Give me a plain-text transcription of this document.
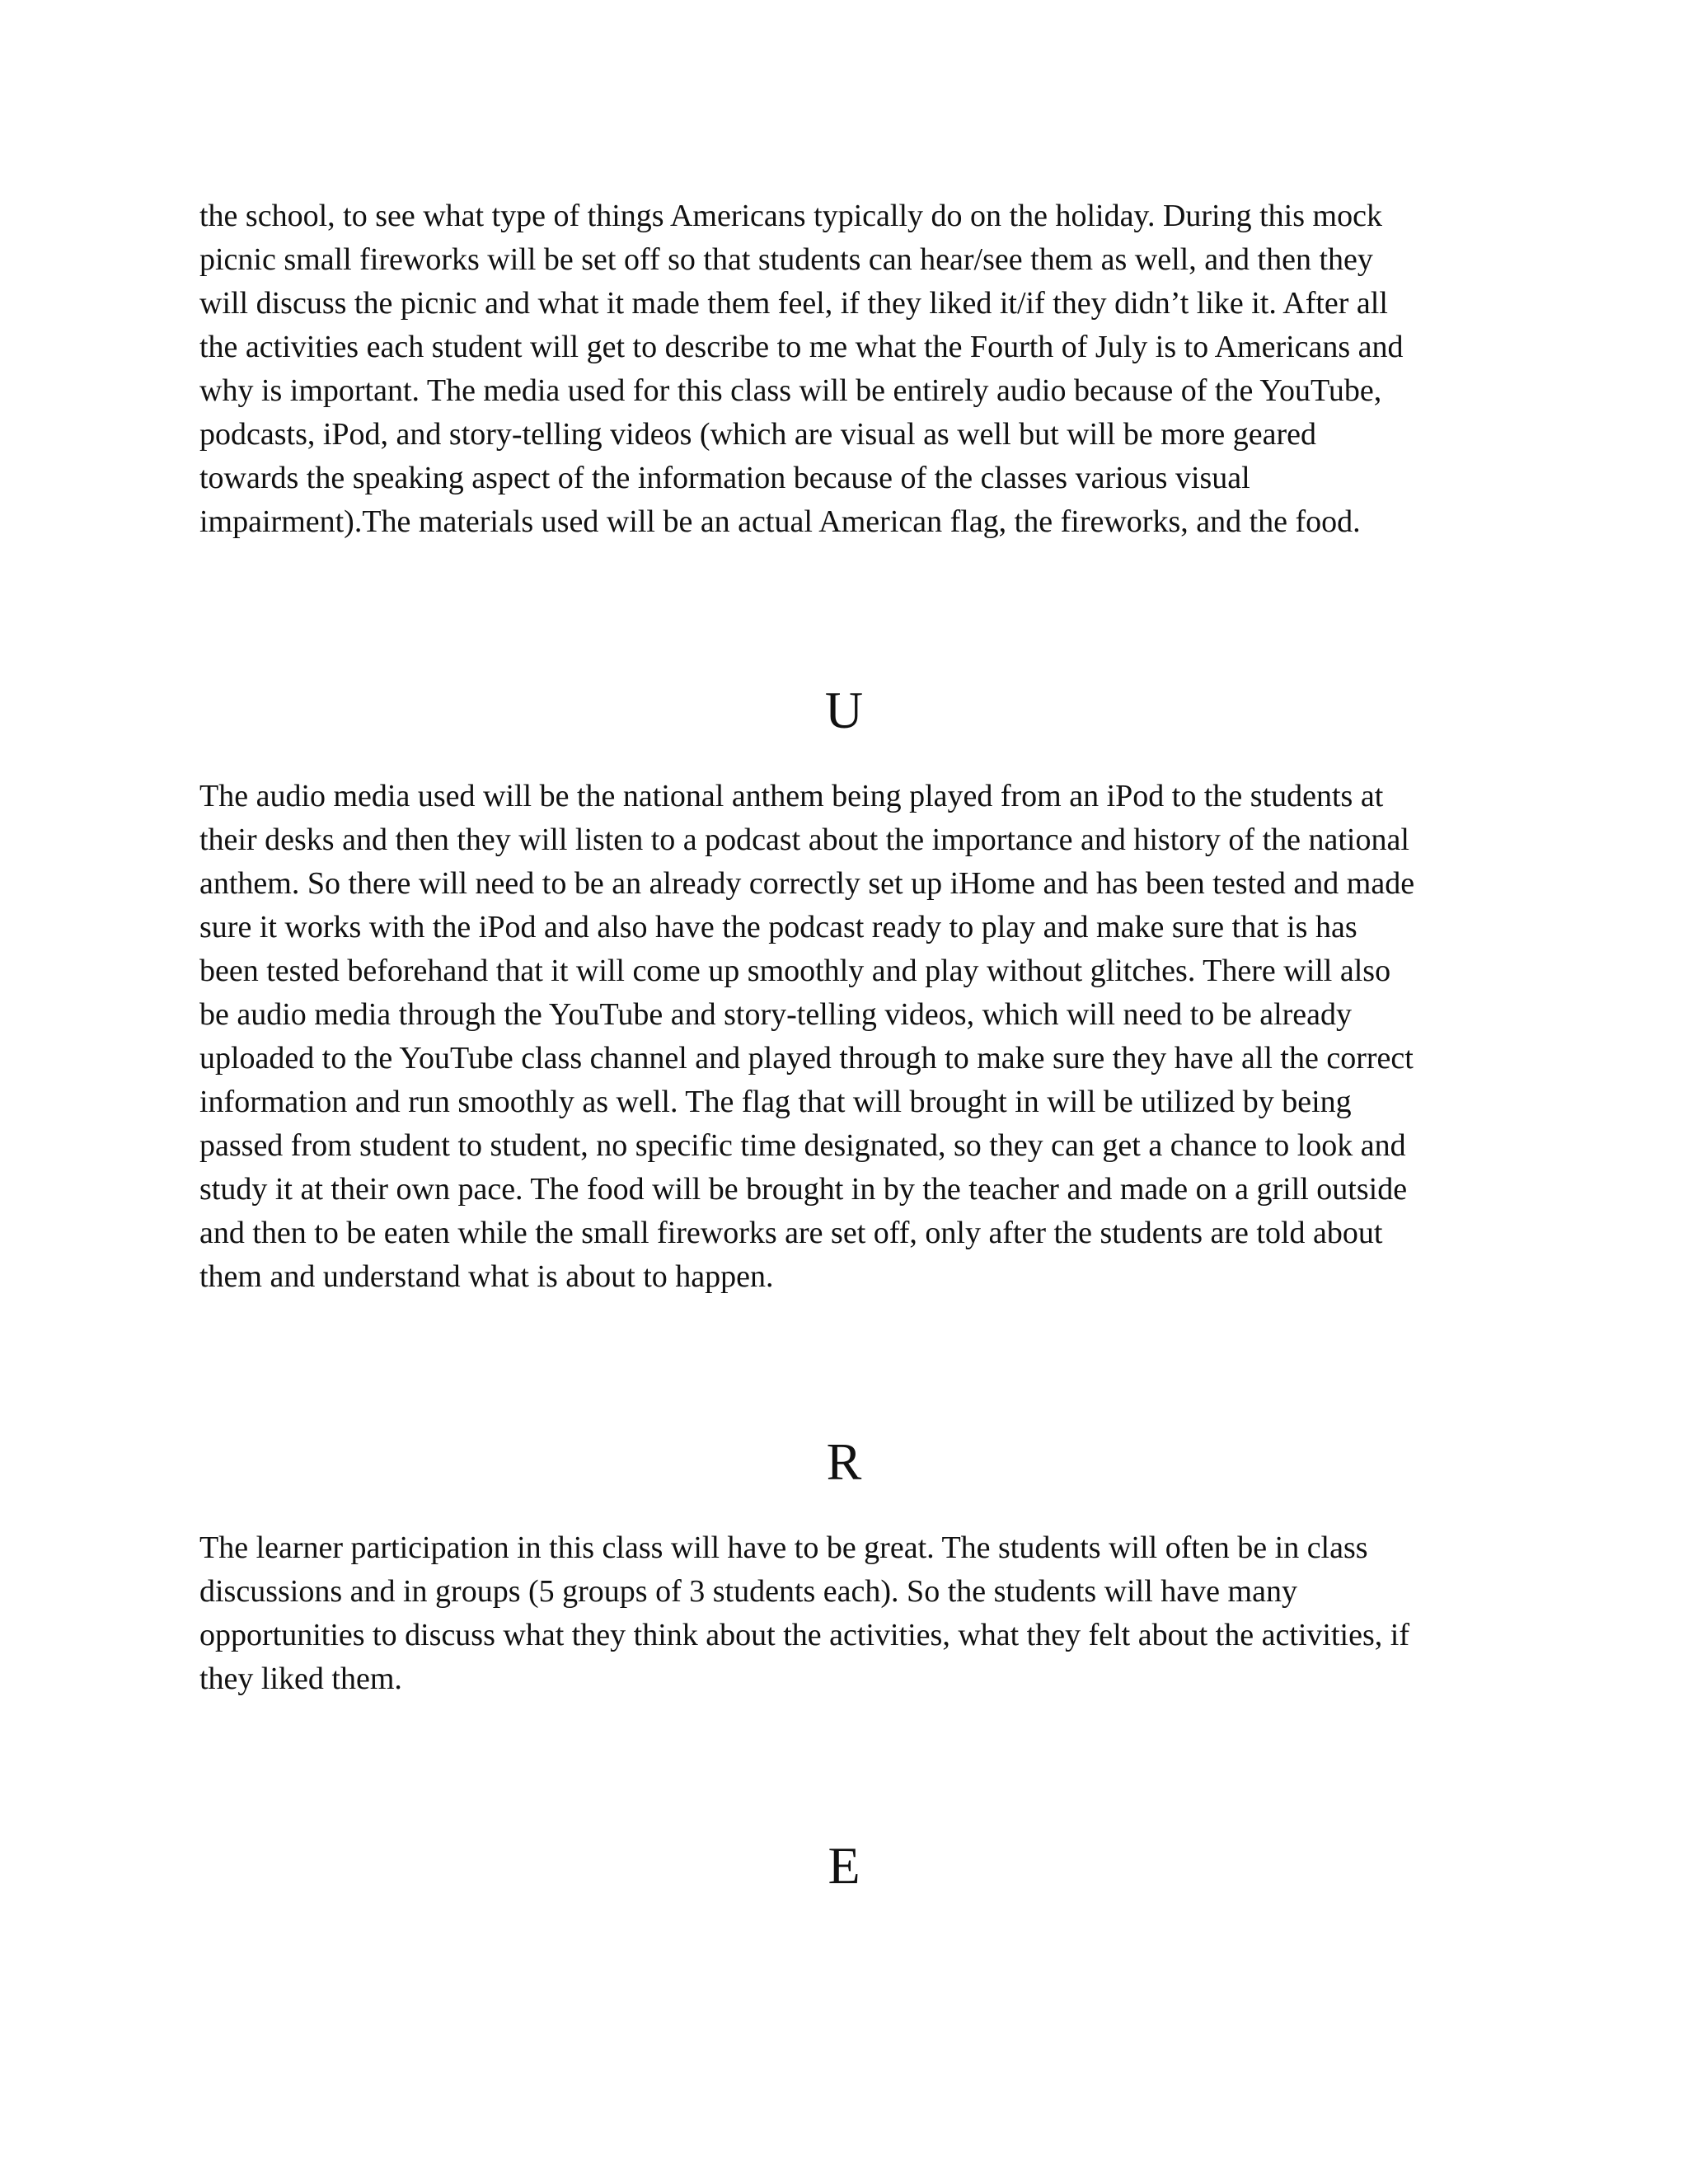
the school, to see what type of things Americans typically do on the holiday. During this mock
picnic small fireworks will be set off so that students can hear/see them as well, and then they
will discuss the picnic and what it made them feel, if they liked it/if they didn’t like it. After all
the activities each student will get to describe to me what the Fourth of July is to Americans and
why is important. The media used for this class will be entirely audio because of the YouTube,
podcasts, iPod, and story-telling videos (which are visual as well but will be more geared
towards the speaking aspect of the information because of the classes various visual
impairment).The materials used will be an actual American flag, the fireworks, and the food.

U

The audio media used will be the national anthem being played from an iPod to the students at
their desks and then they will listen to a podcast about the importance and history of the national
anthem. So there will need to be an already correctly set up iHome and has been tested and made
sure it works with the iPod and also have the podcast ready to play and make sure that is has
been tested beforehand that it will come up smoothly and play without glitches. There will also
be audio media through the YouTube and story-telling videos, which will need to be already
uploaded to the YouTube class channel and played through to make sure they have all the correct
information and run smoothly as well. The flag that will brought in will be utilized by being
passed from student to student, no specific time designated, so they can get a chance to look and
study it at their own pace. The food will be brought in by the teacher and made on a grill outside
and then to be eaten while the small fireworks are set off, only after the students are told about
them and understand what is about to happen.

R

The learner participation in this class will have to be great. The students will often be in class
discussions and in groups (5 groups of 3 students each). So the students will have many
opportunities to discuss what they think about the activities, what they felt about the activities, if
they liked them.

E
